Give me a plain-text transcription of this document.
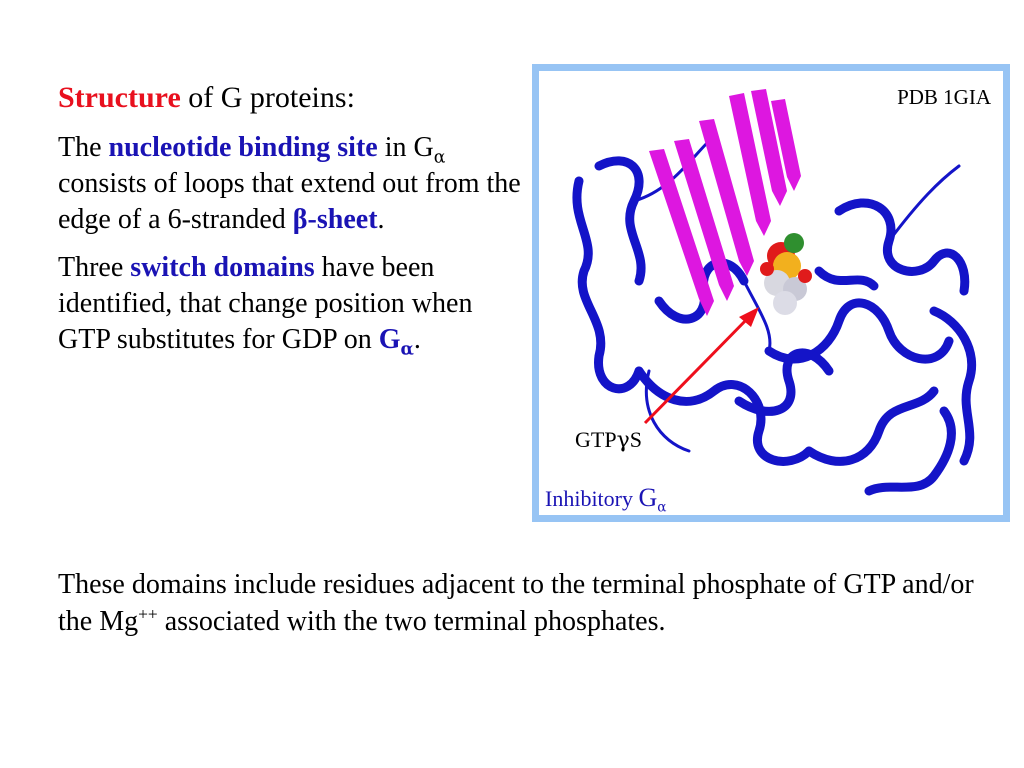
Structure of G proteins:

The nucleotide binding site in $G_\alpha$ consists of loops that extend out from the edge of a 6-stranded β-sheet.

Three switch domains have been identified, that change position when GTP substitutes for GDP on $G_\alpha$.

PDB 1GIA
GTPγS
Inhibitory $G_\alpha$
These domains include residues adjacent to the terminal phosphate of GTP and/or the Mg++ associated with the two terminal phosphates.
